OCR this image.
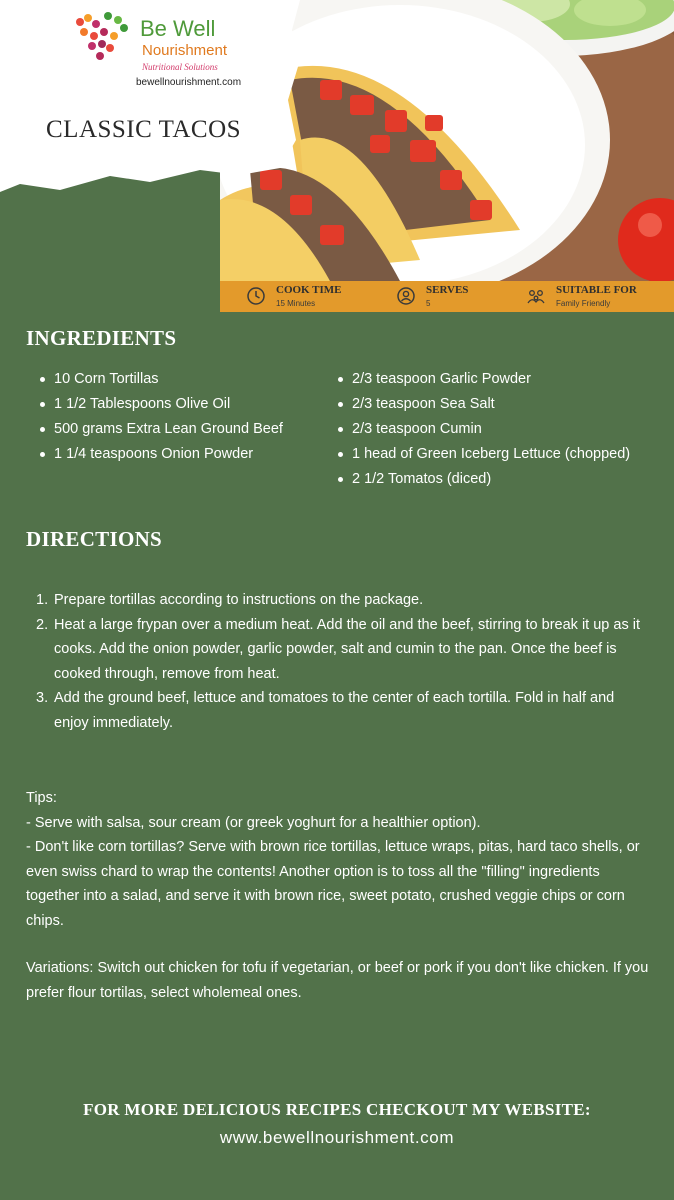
Be Well
Nourishment
Nutritional Solutions
bewellnourishment.com
CLASSIC TACOS
COOK TIME
15 Minutes
SERVES
5
SUITABLE FOR
Family Friendly
INGREDIENTS
10 Corn Tortillas
1 1/2 Tablespoons Olive Oil
500 grams Extra Lean Ground Beef
1 1/4 teaspoons Onion Powder
2/3 teaspoon Garlic Powder
2/3 teaspoon Sea Salt
2/3 teaspoon Cumin
1 head of Green Iceberg Lettuce (chopped)
2 1/2 Tomatos (diced)
DIRECTIONS
1. Prepare tortillas according to instructions on the package.
2. Heat a large frypan over a medium heat. Add the oil and the beef, stirring to break it up as it cooks. Add the onion powder, garlic powder, salt and cumin to the pan. Once the beef is cooked through, remove from heat.
3. Add the ground beef, lettuce and tomatoes to the center of each tortilla. Fold in half and enjoy immediately.

Tips:

- Serve with salsa, sour cream (or greek yoghurt for a healthier option).

- Don't like corn tortillas? Serve with brown rice tortillas, lettuce wraps, pitas, hard taco shells, or even swiss chard to wrap the contents! Another option is to toss all the "filling" ingredients together into a salad, and serve it with brown rice, sweet potato, crushed veggie chips or corn chips.

Variations: Switch out chicken for tofu if vegetarian, or beef or pork if you don't like chicken. If you prefer flour tortilas, select wholemeal ones.

FOR MORE DELICIOUS RECIPES CHECKOUT MY WEBSITE:
www.bewellnourishment.com
